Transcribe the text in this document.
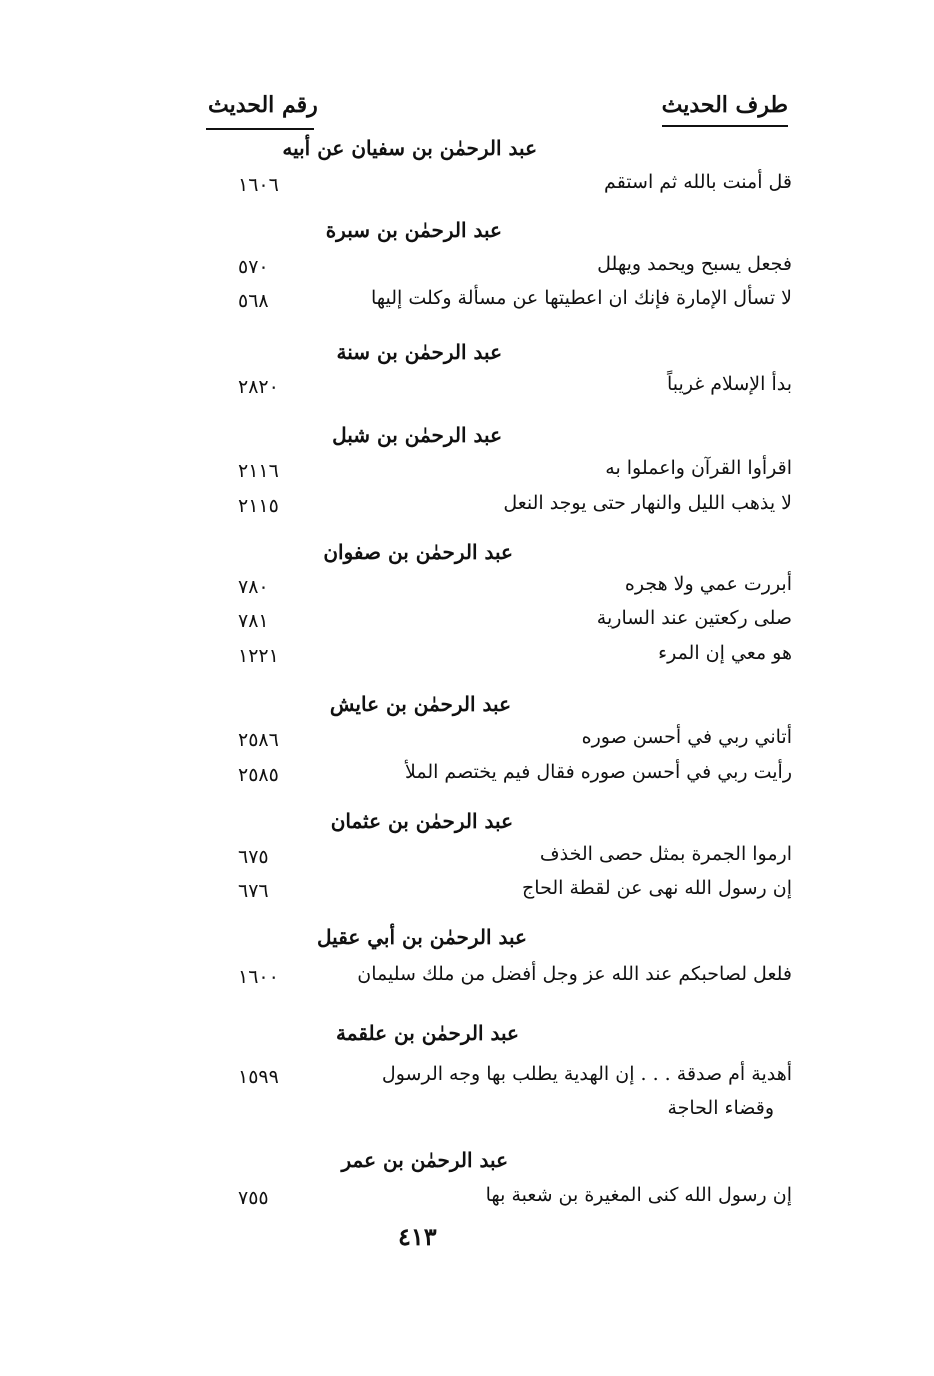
طرف الحديث
رقم الحديث
عبد الرحمٰن بن سفيان عن أبيه
قل أمنت بالله ثم استقم
١٦٠٦
عبد الرحمٰن بن سبرة
فجعل يسبح ويحمد ويهلل
٥٧٠
لا تسأل الإمارة فإنك ان اعطيتها عن مسألة وكلت إليها
٥٦٨
عبد الرحمٰن بن سنة
بدأ الإسلام غريباً
٢٨٢٠
عبد الرحمٰن بن شبل
اقرأوا القرآن واعملوا به
٢١١٦
لا يذهب الليل والنهار حتى يوجد النعل
٢١١٥
عبد الرحمٰن بن صفوان
أبررت عمي ولا هجره
٧٨٠
صلى ركعتين عند السارية
٧٨١
هو معي إن المرء
١٢٢١
عبد الرحمٰن بن عايش
أتاني ربي في أحسن صوره
٢٥٨٦
رأيت ربي في أحسن صوره فقال فيم يختصم الملأ
٢٥٨٥
عبد الرحمٰن بن عثمان
ارموا الجمرة بمثل حصى الخذف
٦٧٥
إن رسول الله نهى عن لقطة الحاج
٦٧٦
عبد الرحمٰن بن أبي عقيل
فلعل لصاحبكم عند الله عز وجل أفضل من ملك سليمان
١٦٠٠
عبد الرحمٰن بن علقمة
أهدية أم صدقة . . . إن الهدية يطلب بها وجه الرسول
١٥٩٩
وقضاء الحاجة
عبد الرحمٰن بن عمر
إن رسول الله كنى المغيرة بن شعبة بها
٧٥٥
٤١٣
